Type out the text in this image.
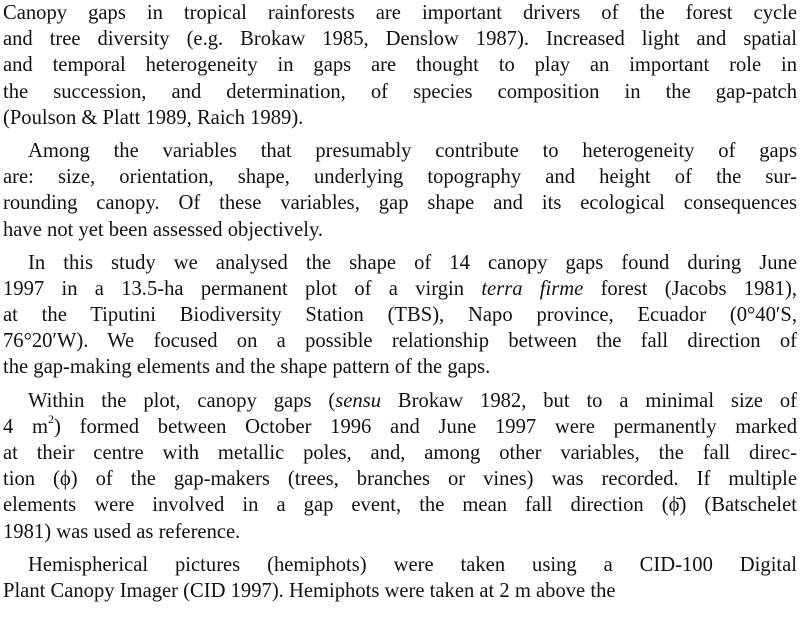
Canopy gaps in tropical rainforests are important drivers of the forest cycle
and tree diversity (e.g. Brokaw 1985, Denslow 1987). Increased light and spatial
and temporal heterogeneity in gaps are thought to play an important role in
the succession, and determination, of species composition in the gap-patch
(Poulson & Platt 1989, Raich 1989).
Among the variables that presumably contribute to heterogeneity of gaps
are: size, orientation, shape, underlying topography and height of the sur-
rounding canopy. Of these variables, gap shape and its ecological consequences
have not yet been assessed objectively.
In this study we analysed the shape of 14 canopy gaps found during June
1997 in a 13.5-ha permanent plot of a virgin terra firme forest (Jacobs 1981),
at the Tiputini Biodiversity Station (TBS), Napo province, Ecuador (0°40′S,
76°20′W). We focused on a possible relationship between the fall direction of
the gap-making elements and the shape pattern of the gaps.
Within the plot, canopy gaps (sensu Brokaw 1982, but to a minimal size of
4 $m^2$) formed between October 1996 and June 1997 were permanently marked
at their centre with metallic poles, and, among other variables, the fall direc-
tion (ϕ) of the gap-makers (trees, branches or vines) was recorded. If multiple
elements were involved in a gap event, the mean fall direction (ϕ̄) (Batschelet
1981) was used as reference.
Hemispherical pictures (hemiphots) were taken using a CID-100 Digital
Plant Canopy Imager (CID 1997). Hemiphots were taken at 2 m above the
